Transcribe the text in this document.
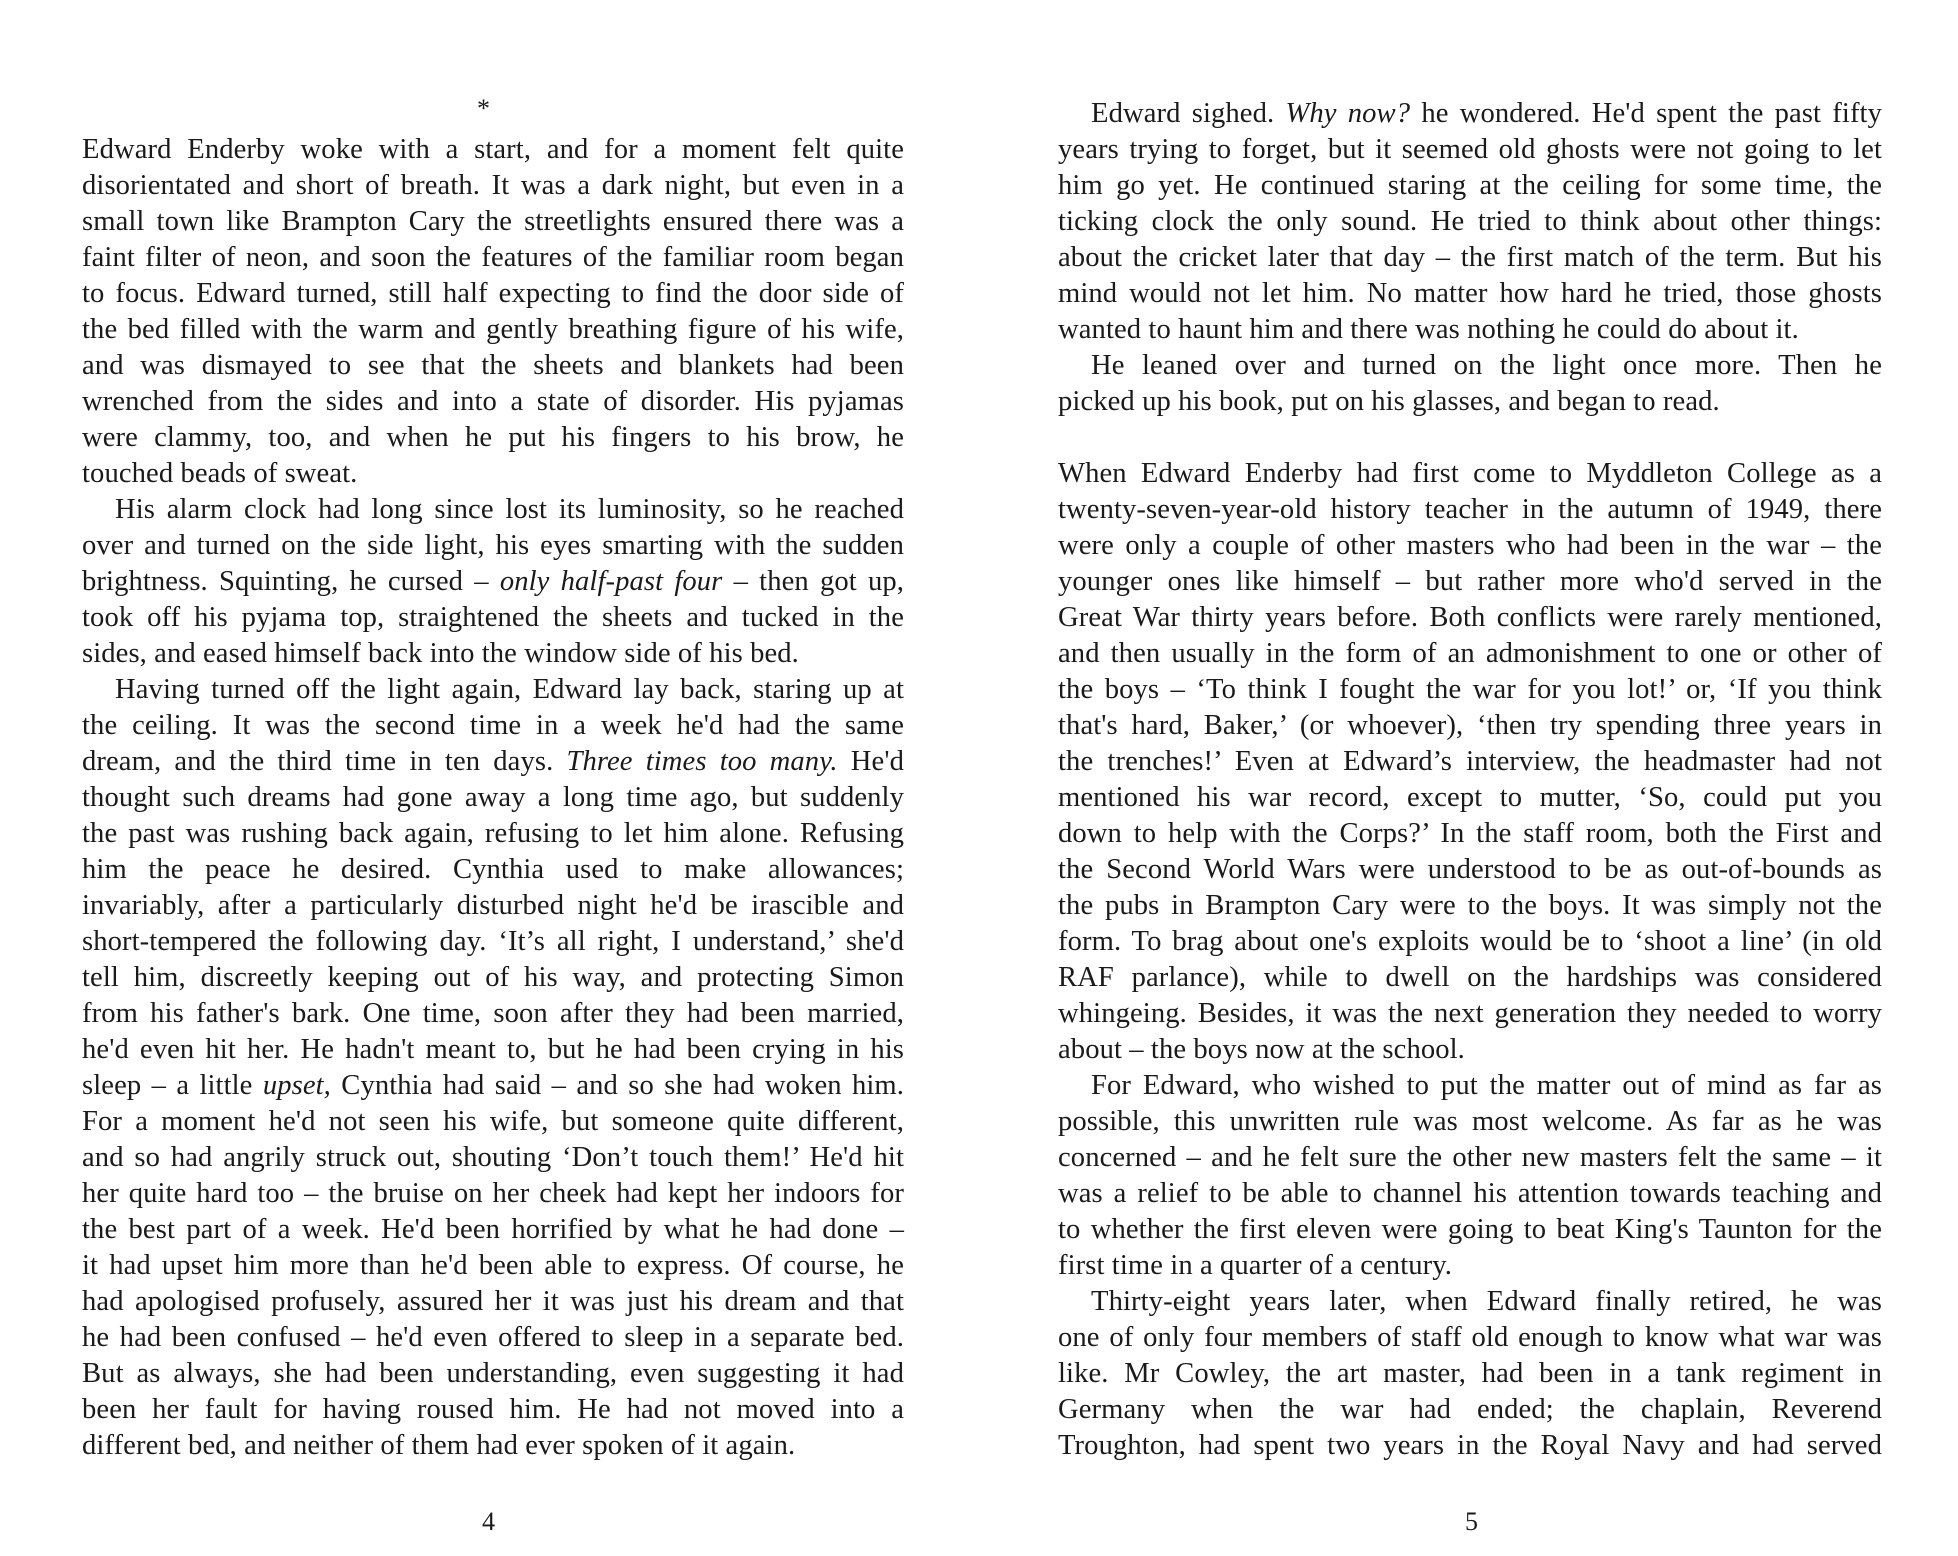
*
Edward Enderby woke with a start, and for a moment felt quite
disorientated and short of breath. It was a dark night, but even in a
small town like Brampton Cary the streetlights ensured there was a
faint filter of neon, and soon the features of the familiar room began
to focus. Edward turned, still half expecting to find the door side of
the bed filled with the warm and gently breathing figure of his wife,
and was dismayed to see that the sheets and blankets had been
wrenched from the sides and into a state of disorder. His pyjamas
were clammy, too, and when he put his fingers to his brow, he
touched beads of sweat.
His alarm clock had long since lost its luminosity, so he reached
over and turned on the side light, his eyes smarting with the sudden
brightness. Squinting, he cursed – only half-past four – then got up,
took off his pyjama top, straightened the sheets and tucked in the
sides, and eased himself back into the window side of his bed.
Having turned off the light again, Edward lay back, staring up at
the ceiling. It was the second time in a week he'd had the same
dream, and the third time in ten days. Three times too many. He'd
thought such dreams had gone away a long time ago, but suddenly
the past was rushing back again, refusing to let him alone. Refusing
him the peace he desired. Cynthia used to make allowances;
invariably, after a particularly disturbed night he'd be irascible and
short-tempered the following day. ‘It’s all right, I understand,’ she'd
tell him, discreetly keeping out of his way, and protecting Simon
from his father's bark. One time, soon after they had been married,
he'd even hit her. He hadn't meant to, but he had been crying in his
sleep – a little upset, Cynthia had said – and so she had woken him.
For a moment he'd not seen his wife, but someone quite different,
and so had angrily struck out, shouting ‘Don’t touch them!’ He'd hit
her quite hard too – the bruise on her cheek had kept her indoors for
the best part of a week. He'd been horrified by what he had done –
it had upset him more than he'd been able to express. Of course, he
had apologised profusely, assured her it was just his dream and that
he had been confused – he'd even offered to sleep in a separate bed.
But as always, she had been understanding, even suggesting it had
been her fault for having roused him. He had not moved into a
different bed, and neither of them had ever spoken of it again.
4
Edward sighed. Why now? he wondered. He'd spent the past fifty
years trying to forget, but it seemed old ghosts were not going to let
him go yet. He continued staring at the ceiling for some time, the
ticking clock the only sound. He tried to think about other things:
about the cricket later that day – the first match of the term. But his
mind would not let him. No matter how hard he tried, those ghosts
wanted to haunt him and there was nothing he could do about it.
He leaned over and turned on the light once more. Then he
picked up his book, put on his glasses, and began to read.
When Edward Enderby had first come to Myddleton College as a
twenty-seven-year-old history teacher in the autumn of 1949, there
were only a couple of other masters who had been in the war – the
younger ones like himself – but rather more who'd served in the
Great War thirty years before. Both conflicts were rarely mentioned,
and then usually in the form of an admonishment to one or other of
the boys – ‘To think I fought the war for you lot!’ or, ‘If you think
that's hard, Baker,’ (or whoever), ‘then try spending three years in
the trenches!’ Even at Edward’s interview, the headmaster had not
mentioned his war record, except to mutter, ‘So, could put you
down to help with the Corps?’ In the staff room, both the First and
the Second World Wars were understood to be as out-of-bounds as
the pubs in Brampton Cary were to the boys. It was simply not the
form. To brag about one's exploits would be to ‘shoot a line’ (in old
RAF parlance), while to dwell on the hardships was considered
whingeing. Besides, it was the next generation they needed to worry
about – the boys now at the school.
For Edward, who wished to put the matter out of mind as far as
possible, this unwritten rule was most welcome. As far as he was
concerned – and he felt sure the other new masters felt the same – it
was a relief to be able to channel his attention towards teaching and
to whether the first eleven were going to beat King's Taunton for the
first time in a quarter of a century.
Thirty-eight years later, when Edward finally retired, he was
one of only four members of staff old enough to know what war was
like. Mr Cowley, the art master, had been in a tank regiment in
Germany when the war had ended; the chaplain, Reverend
Troughton, had spent two years in the Royal Navy and had served
5
